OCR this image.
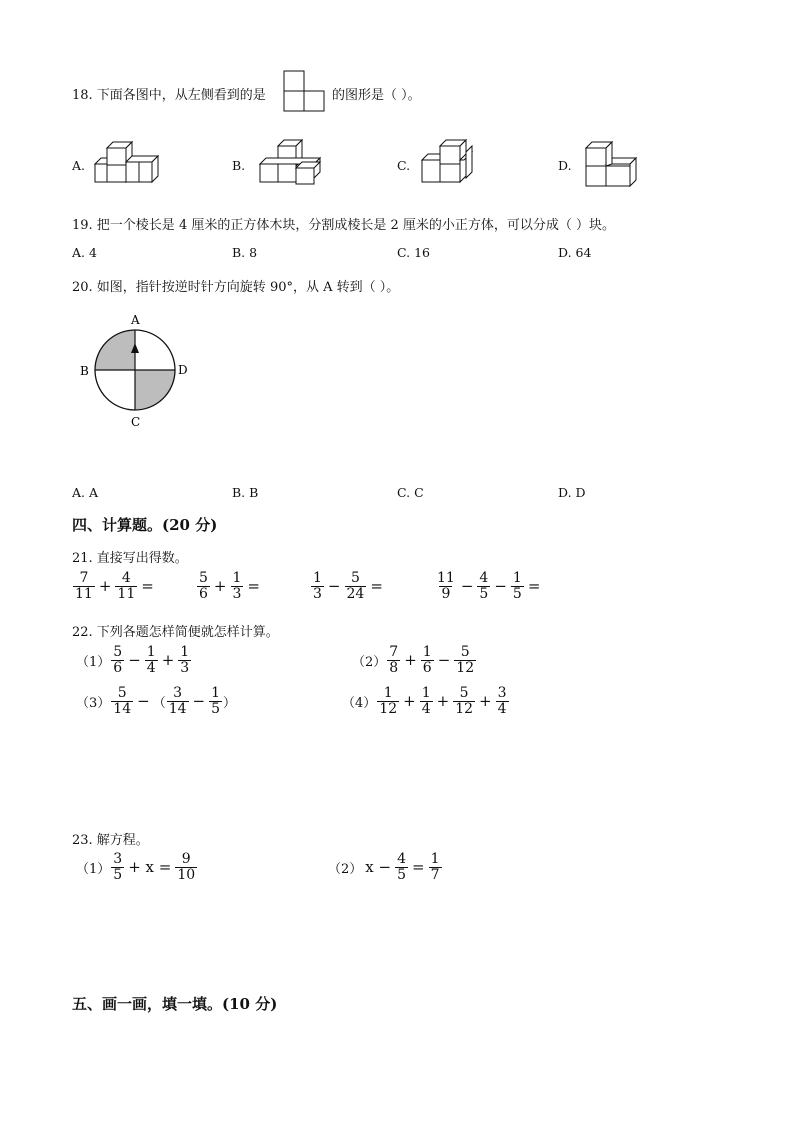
18. 下面各图中，从左侧看到的是	的图形是（ ）。
A.	B.	C.	D.
19. 把一个棱长是 4 厘米的正方体木块，分割成棱长是 2 厘米的小正方体，可以分成（ ）块。
A. 4	B. 8	C. 16	D. 64
20. 如图，指针按逆时针方向旋转 90°，从 A 转到（ ）。
A
B	D
C
A. A	B. B	C. C	D. D
四、计算题。(20 分)
21. 直接写出得数。
$\frac{7}{11} + \frac{4}{11}$ =	$\frac{5}{6} + \frac{1}{3}$ =	$\frac{1}{3} - \frac{5}{24}$ =	$\frac{11}{9} - \frac{4}{5} - \frac{1}{5}$ =
22. 下列各题怎样简便就怎样计算。
$(1) \frac{5}{6} - \frac{1}{4} + \frac{1}{3}$	$(2) \frac{7}{8} + \frac{1}{6} - \frac{5}{12}$
$(3) \frac{5}{14}$ − （ $\frac{3}{14} - \frac{1}{5}$ ）	$(4) \frac{1}{12} + \frac{1}{4} + \frac{5}{12} + \frac{3}{4}$
23. 解方程。
$(1) \frac{3}{5} + x = \frac{9}{10}$	（2） $x - \frac{4}{5} = \frac{1}{7}$
五、画一画，填一填。(10 分)
